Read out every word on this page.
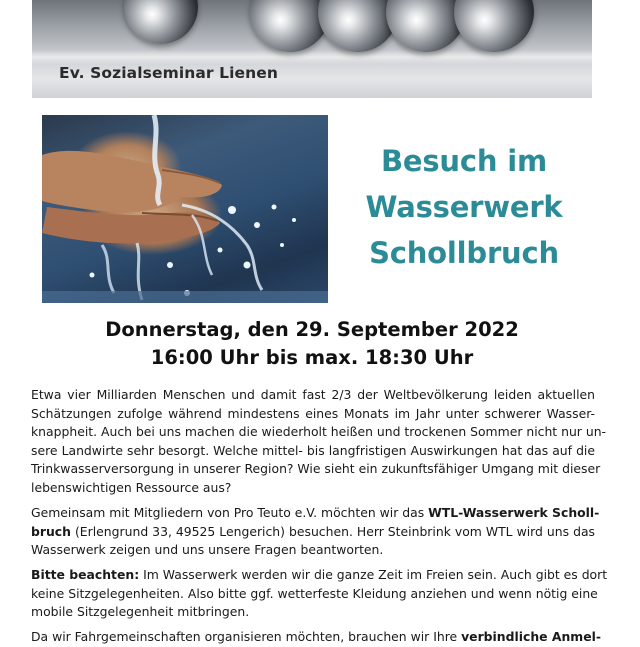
Ev. Sozialseminar Lienen
Besuch im
Wasserwerk
Schollbruch
Donnerstag, den 29. September 2022
16:00 Uhr bis max. 18:30 Uhr
Etwa vier Milliarden Menschen und damit fast 2/3 der Weltbevölkerung leiden aktuellen
Schätzungen zufolge während mindestens eines Monats im Jahr unter schwerer Wasser-
knappheit. Auch bei uns machen die wiederholt heißen und trockenen Sommer nicht nur un-
sere Landwirte sehr besorgt. Welche mittel- bis langfristigen Auswirkungen hat das auf die
Trinkwasserversorgung in unserer Region? Wie sieht ein zukunftsfähiger Umgang mit dieser
lebenswichtigen Ressource aus?
Gemeinsam mit Mitgliedern von Pro Teuto e.V. möchten wir das WTL-Wasserwerk Scholl-
bruch (Erlengrund 33, 49525 Lengerich) besuchen. Herr Steinbrink vom WTL wird uns das
Wasserwerk zeigen und uns unsere Fragen beantworten.
Bitte beachten: Im Wasserwerk werden wir die ganze Zeit im Freien sein. Auch gibt es dort
keine Sitzgelegenheiten. Also bitte ggf. wetterfeste Kleidung anziehen und wenn nötig eine
mobile Sitzgelegenheit mitbringen.
Da wir Fahrgemeinschaften organisieren möchten, brauchen wir Ihre verbindliche Anmel-
